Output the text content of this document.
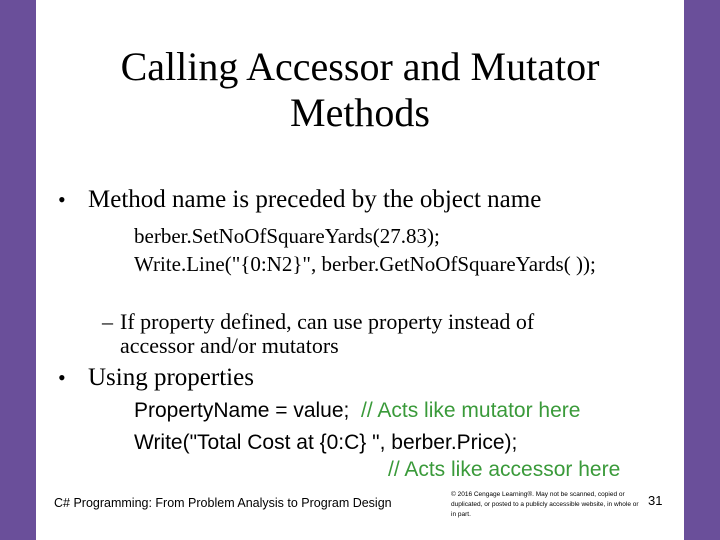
Calling Accessor and Mutator
Methods
• Method name is preceded by the object name
berber.SetNoOfSquareYards(27.83);
Write.Line("{0:N2}", berber.GetNoOfSquareYards( ));
– If property defined, can use property instead of
accessor and/or mutators
• Using properties
PropertyName = value; // Acts like mutator here
Write("Total Cost at {0:C} ", berber.Price);
// Acts like accessor here
C# Programming: From Problem Analysis to Program Design
© 2016 Cengage Learning®. May not be scanned, copied or duplicated, or posted to a publicly accessible website, in whole or in part.
31
